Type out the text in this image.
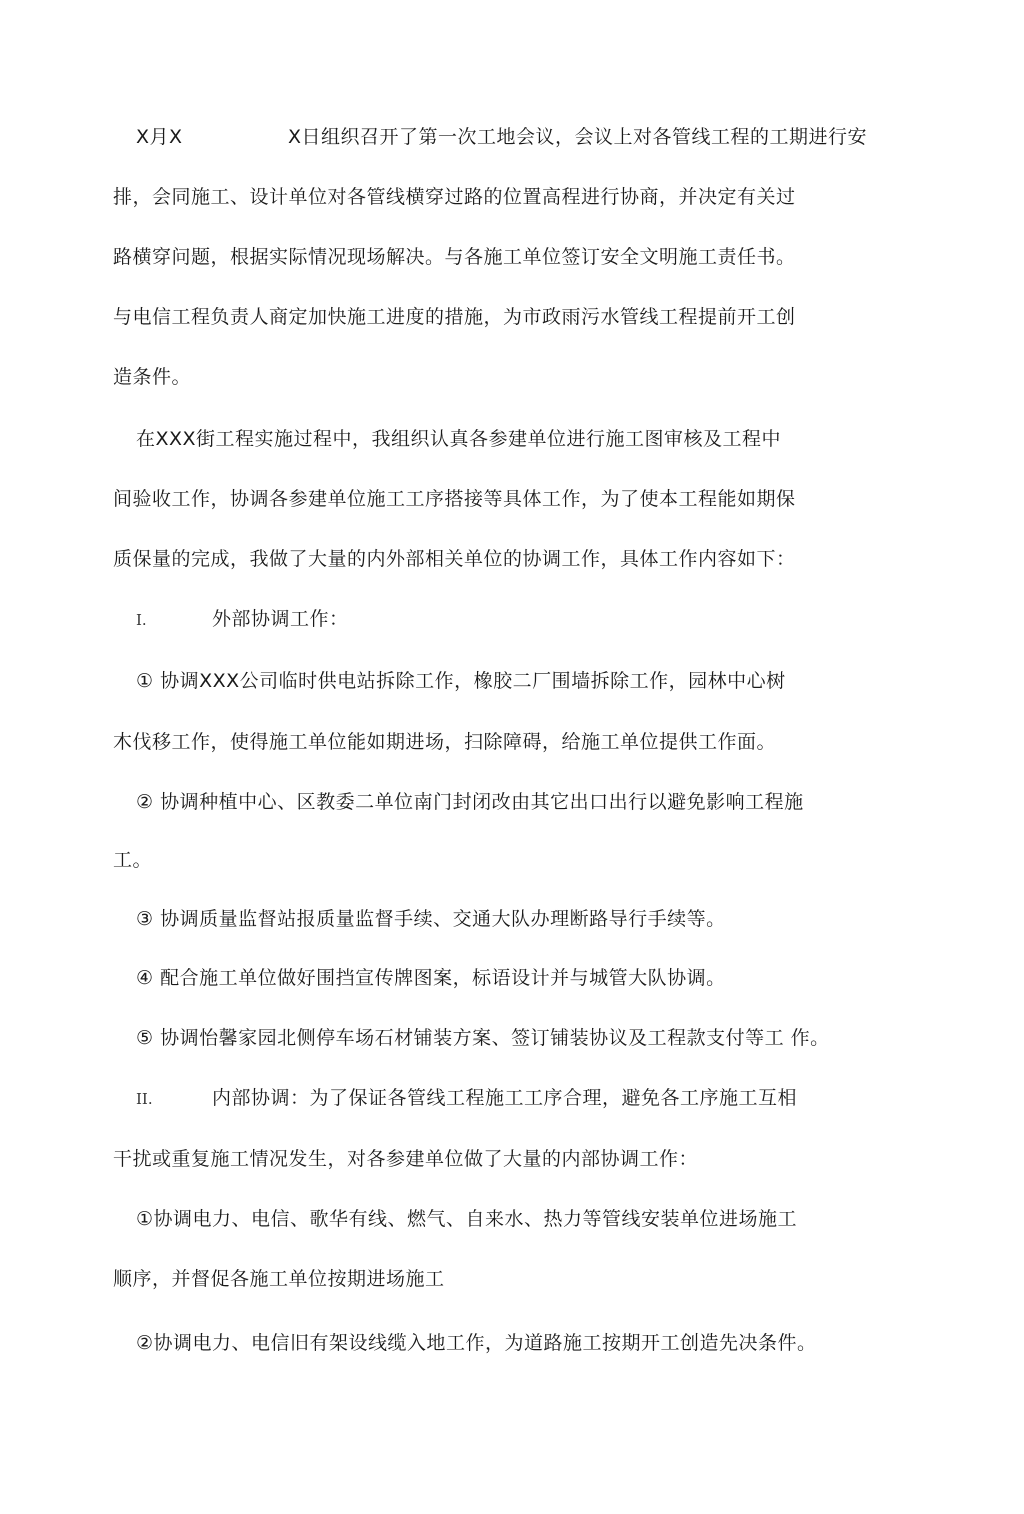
X月X	X日组织召开了第一次工地会议，会议上对各管线工程的工期进行安
排，会同施工、设计单位对各管线横穿过路的位置高程进行协商，并决定有关过
路横穿问题，根据实际情况现场解决。与各施工单位签订安全文明施工责任书。
与电信工程负责人商定加快施工进度的措施，为市政雨污水管线工程提前开工创
造条件。
在XXX街工程实施过程中，我组织认真各参建单位进行施工图审核及工程中
间验收工作，协调各参建单位施工工序搭接等具体工作，为了使本工程能如期保
质保量的完成，我做了大量的内外部相关单位的协调工作，具体工作内容如下：
I.	外部协调工作：
① 协调XXX公司临时供电站拆除工作，橡胶二厂围墙拆除工作，园林中心树
木伐移工作，使得施工单位能如期进场，扫除障碍，给施工单位提供工作面。
② 协调种植中心、区教委二单位南门封闭改由其它出口出行以避免影响工程施
工。
③ 协调质量监督站报质量监督手续、交通大队办理断路导行手续等。
④ 配合施工单位做好围挡宣传牌图案，标语设计并与城管大队协调。
⑤ 协调怡馨家园北侧停车场石材铺装方案、签订铺装协议及工程款支付等工 作。
II.	内部协调：为了保证各管线工程施工工序合理，避免各工序施工互相
干扰或重复施工情况发生，对各参建单位做了大量的内部协调工作：
①协调电力、电信、歌华有线、燃气、自来水、热力等管线安装单位进场施工
顺序，并督促各施工单位按期进场施工
②协调电力、电信旧有架设线缆入地工作，为道路施工按期开工创造先决条件。
